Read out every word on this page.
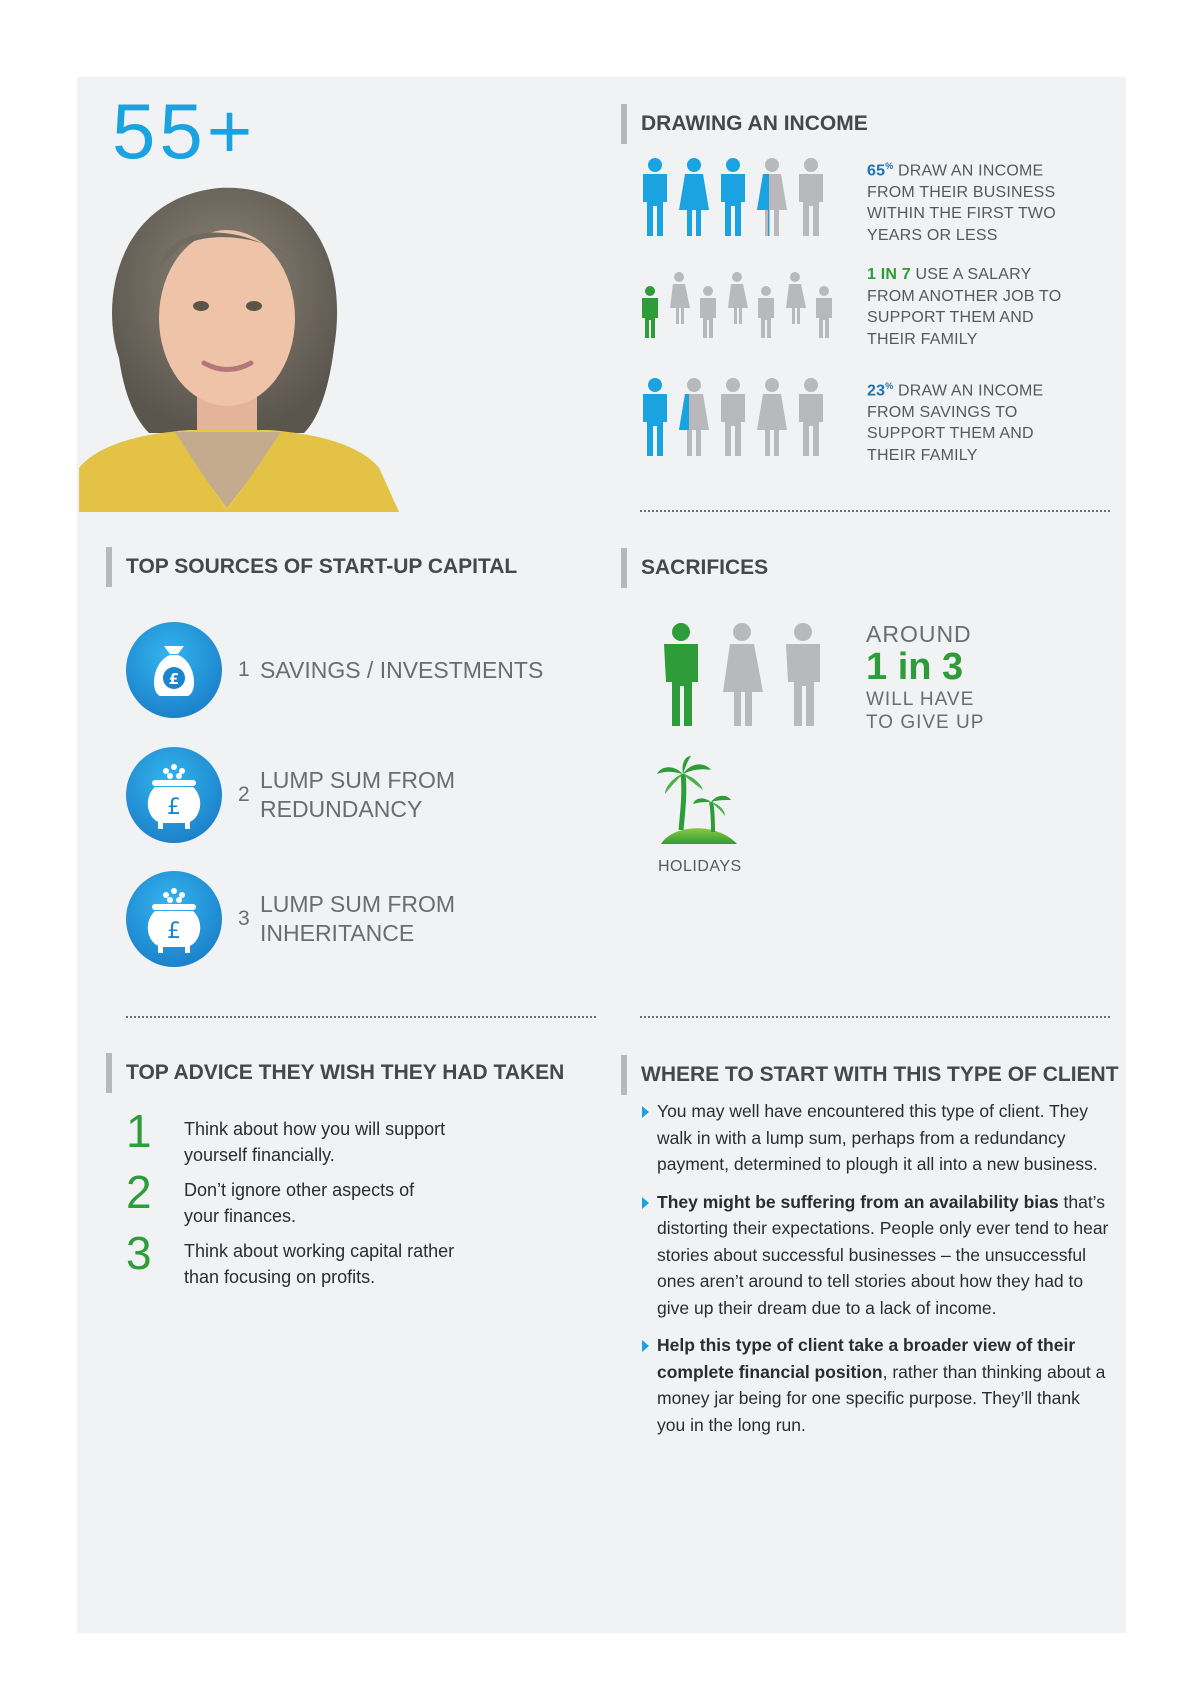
55+	DRAWING AN INCOME
65% DRAW AN INCOME FROM THEIR BUSINESS WITHIN THE FIRST TWO YEARS OR LESS
1 IN 7 USE A SALARY FROM ANOTHER JOB TO SUPPORT THEM AND THEIR FAMILY
23% DRAW AN INCOME FROM SAVINGS TO SUPPORT THEM AND THEIR FAMILY
TOP SOURCES OF START-UP CAPITAL
£	1 SAVINGS / INVESTMENTS
£
2
LUMP SUM FROM
REDUNDANCY
£
3
LUMP SUM FROM
INHERITANCE
SACRIFICES
AROUND
1 in 3
WILL HAVE
TO GIVE UP
HOLIDAYS
TOP ADVICE THEY WISH THEY HAD TAKEN
1	Think about how you will support yourself financially.
2	Don’t ignore other aspects of your finances.
3	Think about working capital rather than focusing on profits.
WHERE TO START WITH THIS TYPE OF CLIENT
You may well have encountered this type of client. They walk in with a lump sum, perhaps from a redundancy payment, determined to plough it all into a new business.
They might be suffering from an availability bias that’s distorting their expectations. People only ever tend to hear stories about successful businesses – the unsuccessful ones aren’t around to tell stories about how they had to give up their dream due to a lack of income.
Help this type of client take a broader view of their complete financial position, rather than thinking about a money jar being for one specific purpose. They’ll thank you in the long run.
